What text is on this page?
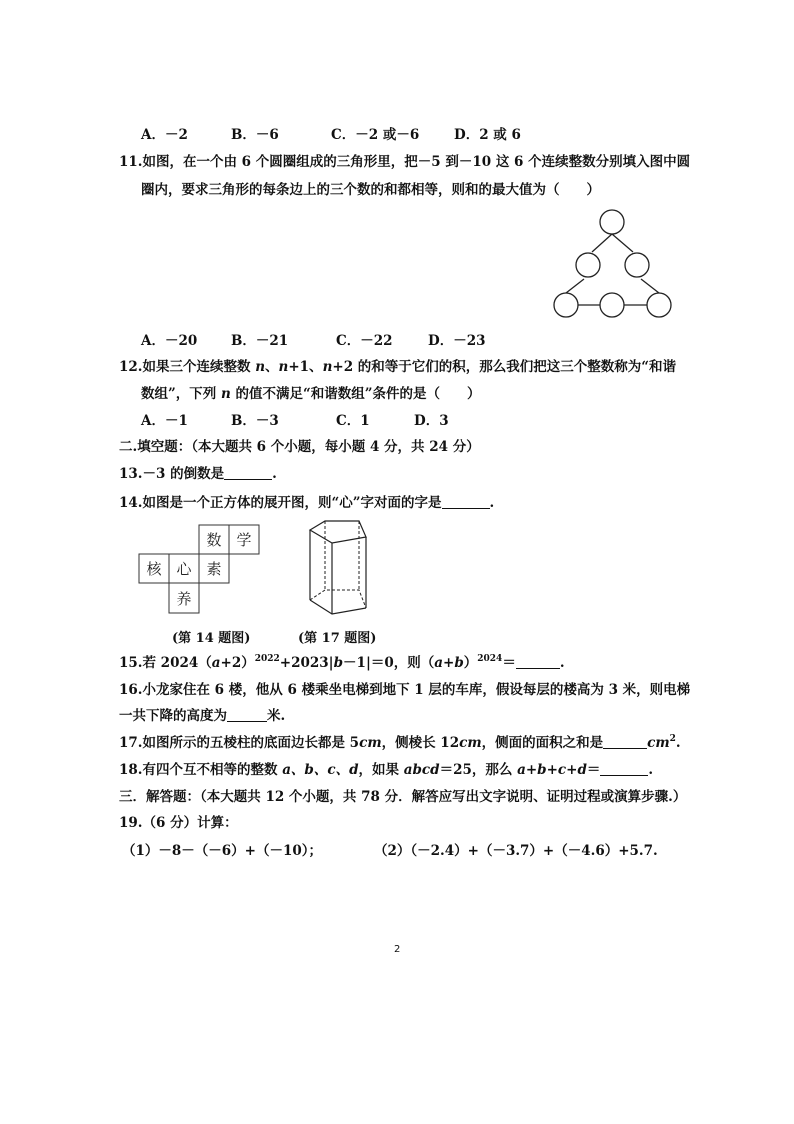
A．－2	B．－6	C．－2 或－6	D．2 或 6
11.如图，在一个由 6 个圆圈组成的三角形里，把－5 到－10 这 6 个连续整数分别填入图中圆
圈内，要求三角形的每条边上的三个数的和都相等，则和的最大值为（　　）
A．－20 B．－21	C．－22	D．－23
12.如果三个连续整数 n、n+1、n+2 的和等于它们的积，那么我们把这三个整数称为“和谐
数组”，下列 n 的值不满足“和谐数组”条件的是（　　）
A．－1	B．－3	C．1	D．3
二.填空题：（本大题共 6 个小题，每小题 4 分，共 24 分）
13.－3 的倒数是	.
14.如图是一个正方体的展开图，则“心”字对面的字是	.
数 学
核 心 素
养
(第 14 题图)	(第 17 题图)
15.若 $2024(a+2)^{2022}+2023|b-1|=0$，则$(a+b)^{2024}=$	.
16.小龙家住在 6 楼，他从 6 楼乘坐电梯到地下 1 层的车库，假设每层的楼高为 3 米，则电梯
一共下降的高度为	米.
17.如图所示的五棱柱的底面边长都是 5cm，侧棱长 12cm，侧面的面积之和是	$cm^2$.
18.有四个互不相等的整数 a、b、c、d，如果 abcd＝25，那么 a+b+c+d＝	.
三．解答题：（本大题共 12 个小题，共 78 分．解答应写出文字说明、证明过程或演算步骤.）
19.（6 分）计算：
（1）－8－（－6）+（－10）；	（2）（－2.4）+（－3.7）+（－4.6）+5.7.
2
